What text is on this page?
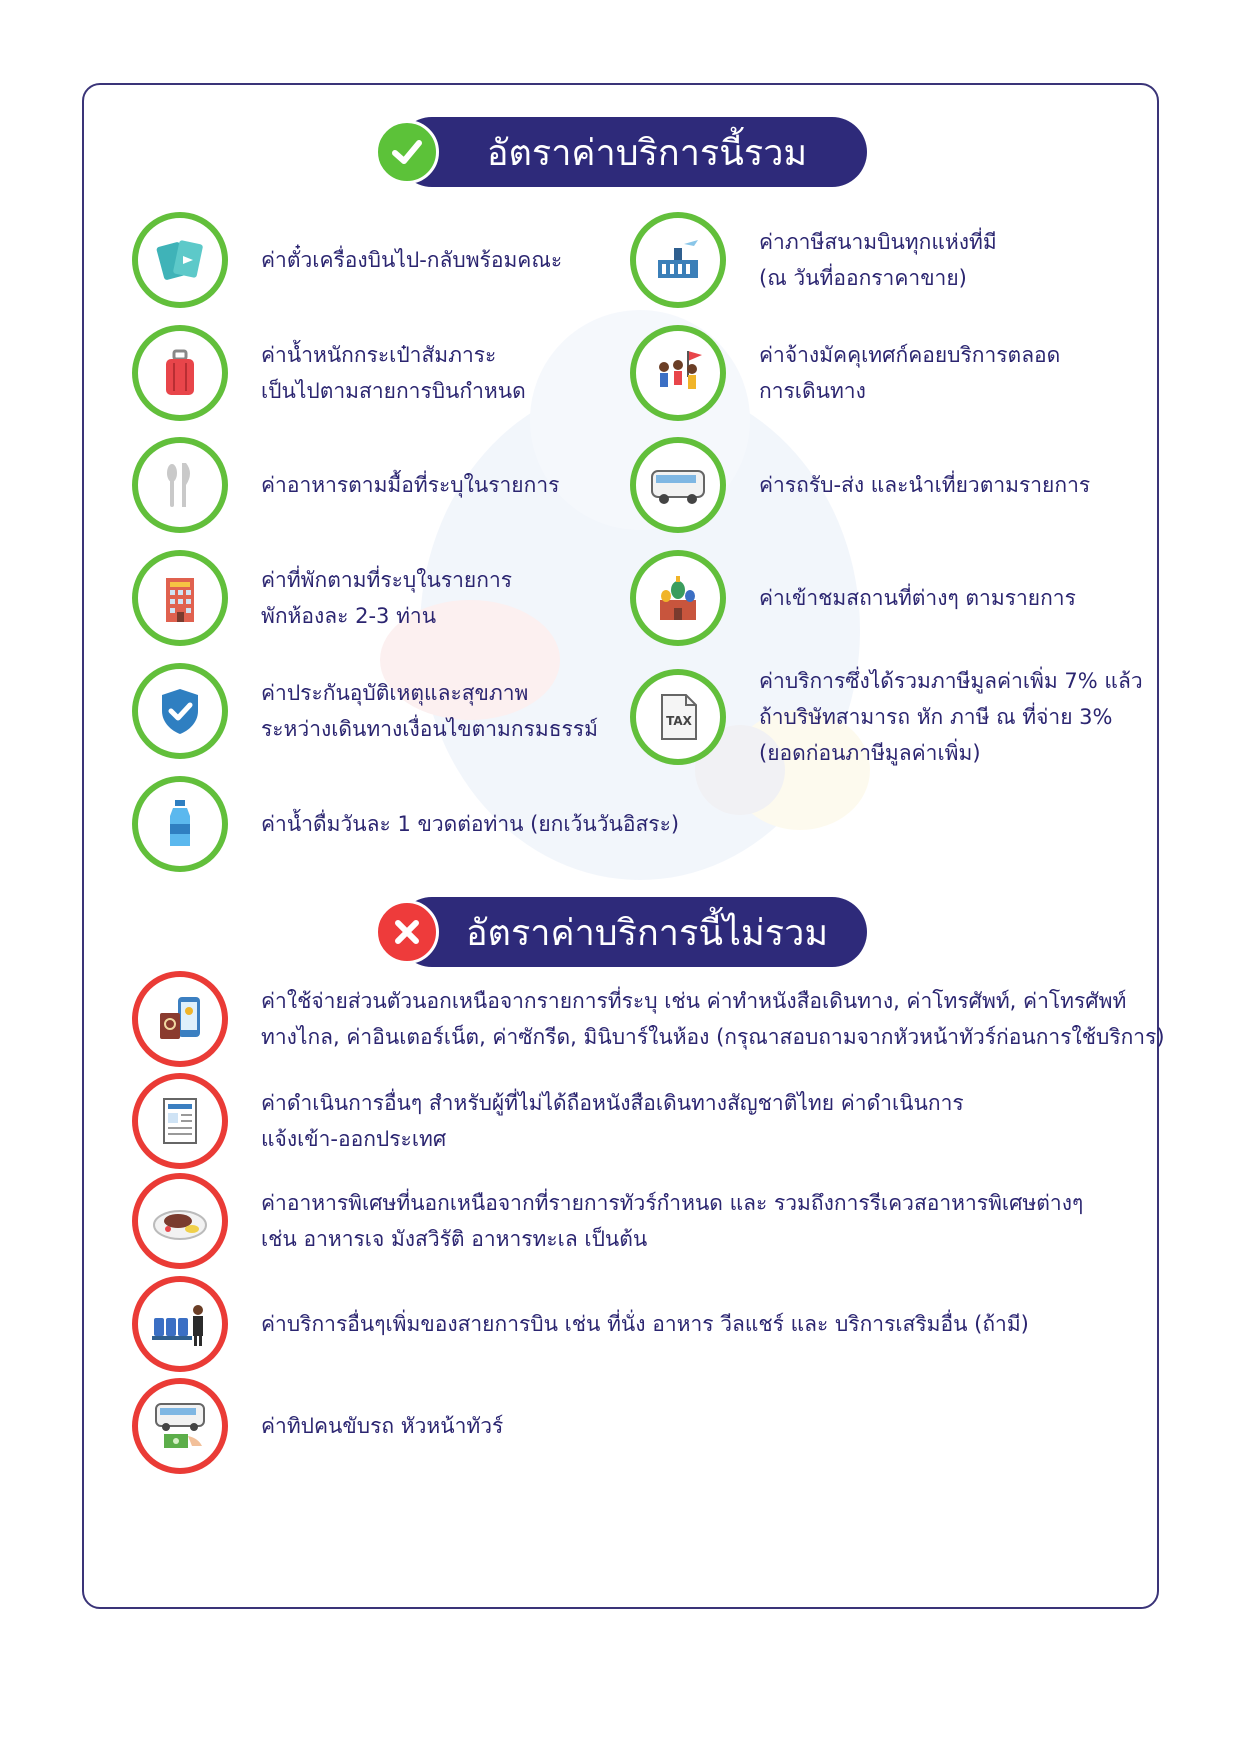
อัตราค่าบริการนี้รวม
ค่าตั๋วเครื่องบินไป-กลับพร้อมคณะ
ค่าภาษีสนามบินทุกแห่งที่มี
(ณ วันที่ออกราคาขาย)
ค่าน้ำหนักกระเป๋าสัมภาระ
เป็นไปตามสายการบินกำหนด
ค่าจ้างมัคคุเทศก์คอยบริการตลอด
การเดินทาง
ค่าอาหารตามมื้อที่ระบุในรายการ	ค่ารถรับ-ส่ง และนำเที่ยวตามรายการ
ค่าที่พักตามที่ระบุในรายการ
พักห้องละ 2-3 ท่าน
ค่าเข้าชมสถานที่ต่างๆ ตามรายการ
ค่าประกันอุบัติเหตุและสุขภาพ
ระหว่างเดินทางเงื่อนไขตามกรมธรรม์	TAX
ค่าบริการซึ่งได้รวมภาษีมูลค่าเพิ่ม 7% แล้ว
ถ้าบริษัทสามารถ หัก ภาษี ณ ที่จ่าย 3%
(ยอดก่อนภาษีมูลค่าเพิ่ม)
ค่าน้ำดื่มวันละ 1 ขวดต่อท่าน (ยกเว้นวันอิสระ)
อัตราค่าบริการนี้ไม่รวม
ค่าใช้จ่ายส่วนตัวนอกเหนือจากรายการที่ระบุ เช่น ค่าทำหนังสือเดินทาง, ค่าโทรศัพท์, ค่าโทรศัพท์
ทางไกล, ค่าอินเตอร์เน็ต, ค่าซักรีด, มินิบาร์ในห้อง (กรุณาสอบถามจากหัวหน้าทัวร์ก่อนการใช้บริการ)
ค่าดำเนินการอื่นๆ สำหรับผู้ที่ไม่ได้ถือหนังสือเดินทางสัญชาติไทย ค่าดำเนินการ
แจ้งเข้า-ออกประเทศ
ค่าอาหารพิเศษที่นอกเหนือจากที่รายการทัวร์กำหนด และ รวมถึงการรีเควสอาหารพิเศษต่างๆ
เช่น อาหารเจ มังสวิรัติ อาหารทะเล เป็นต้น
ค่าบริการอื่นๆเพิ่มของสายการบิน เช่น ที่นั่ง อาหาร วีลแชร์ และ บริการเสริมอื่น (ถ้ามี)
ค่าทิปคนขับรถ หัวหน้าทัวร์
